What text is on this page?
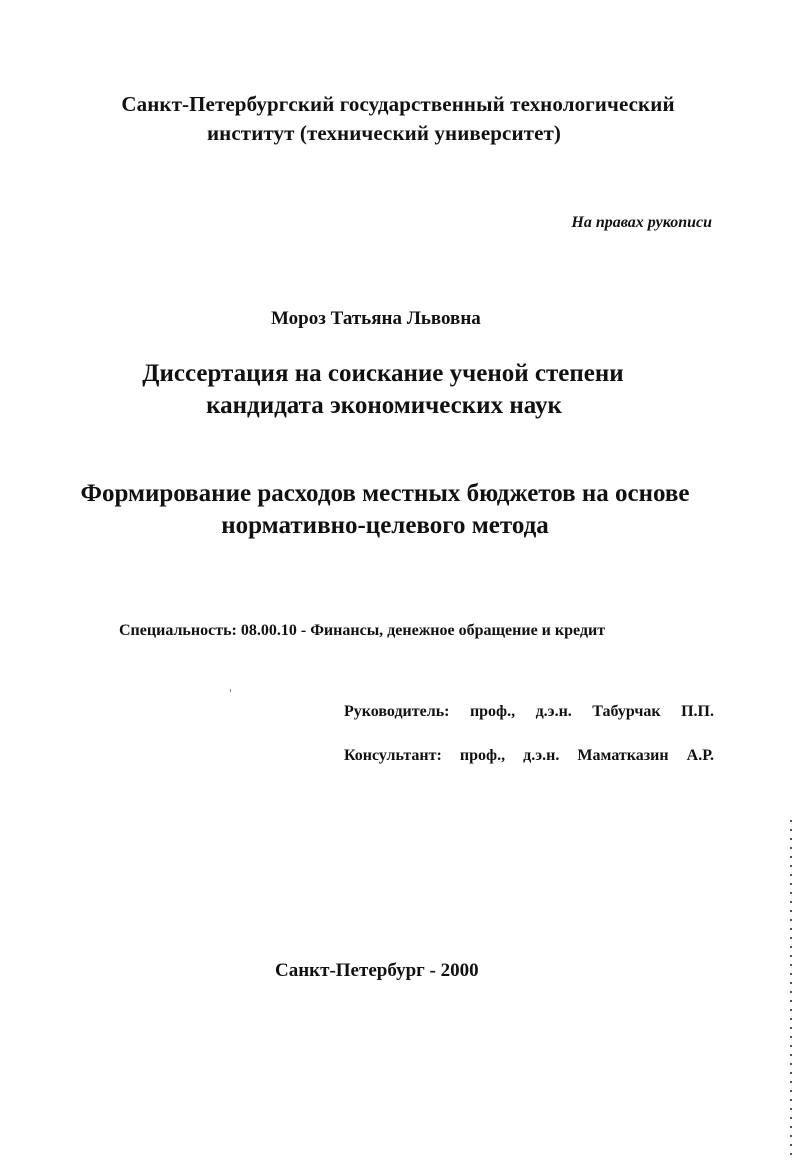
Санкт-Петербургский государственный технологический
институт (технический университет)
На правах рукописи
Мороз Татьяна Львовна
Диссертация на соискание ученой степени
кандидата экономических наук
Формирование расходов местных бюджетов на основе
нормативно-целевого метода
Специальность: 08.00.10 - Финансы, денежное обращение и кредит
Руководитель: проф., д.э.н. Табурчак П.П.
Консультант: проф., д.э.н. Маматказин А.Р.
Санкт-Петербург - 2000
